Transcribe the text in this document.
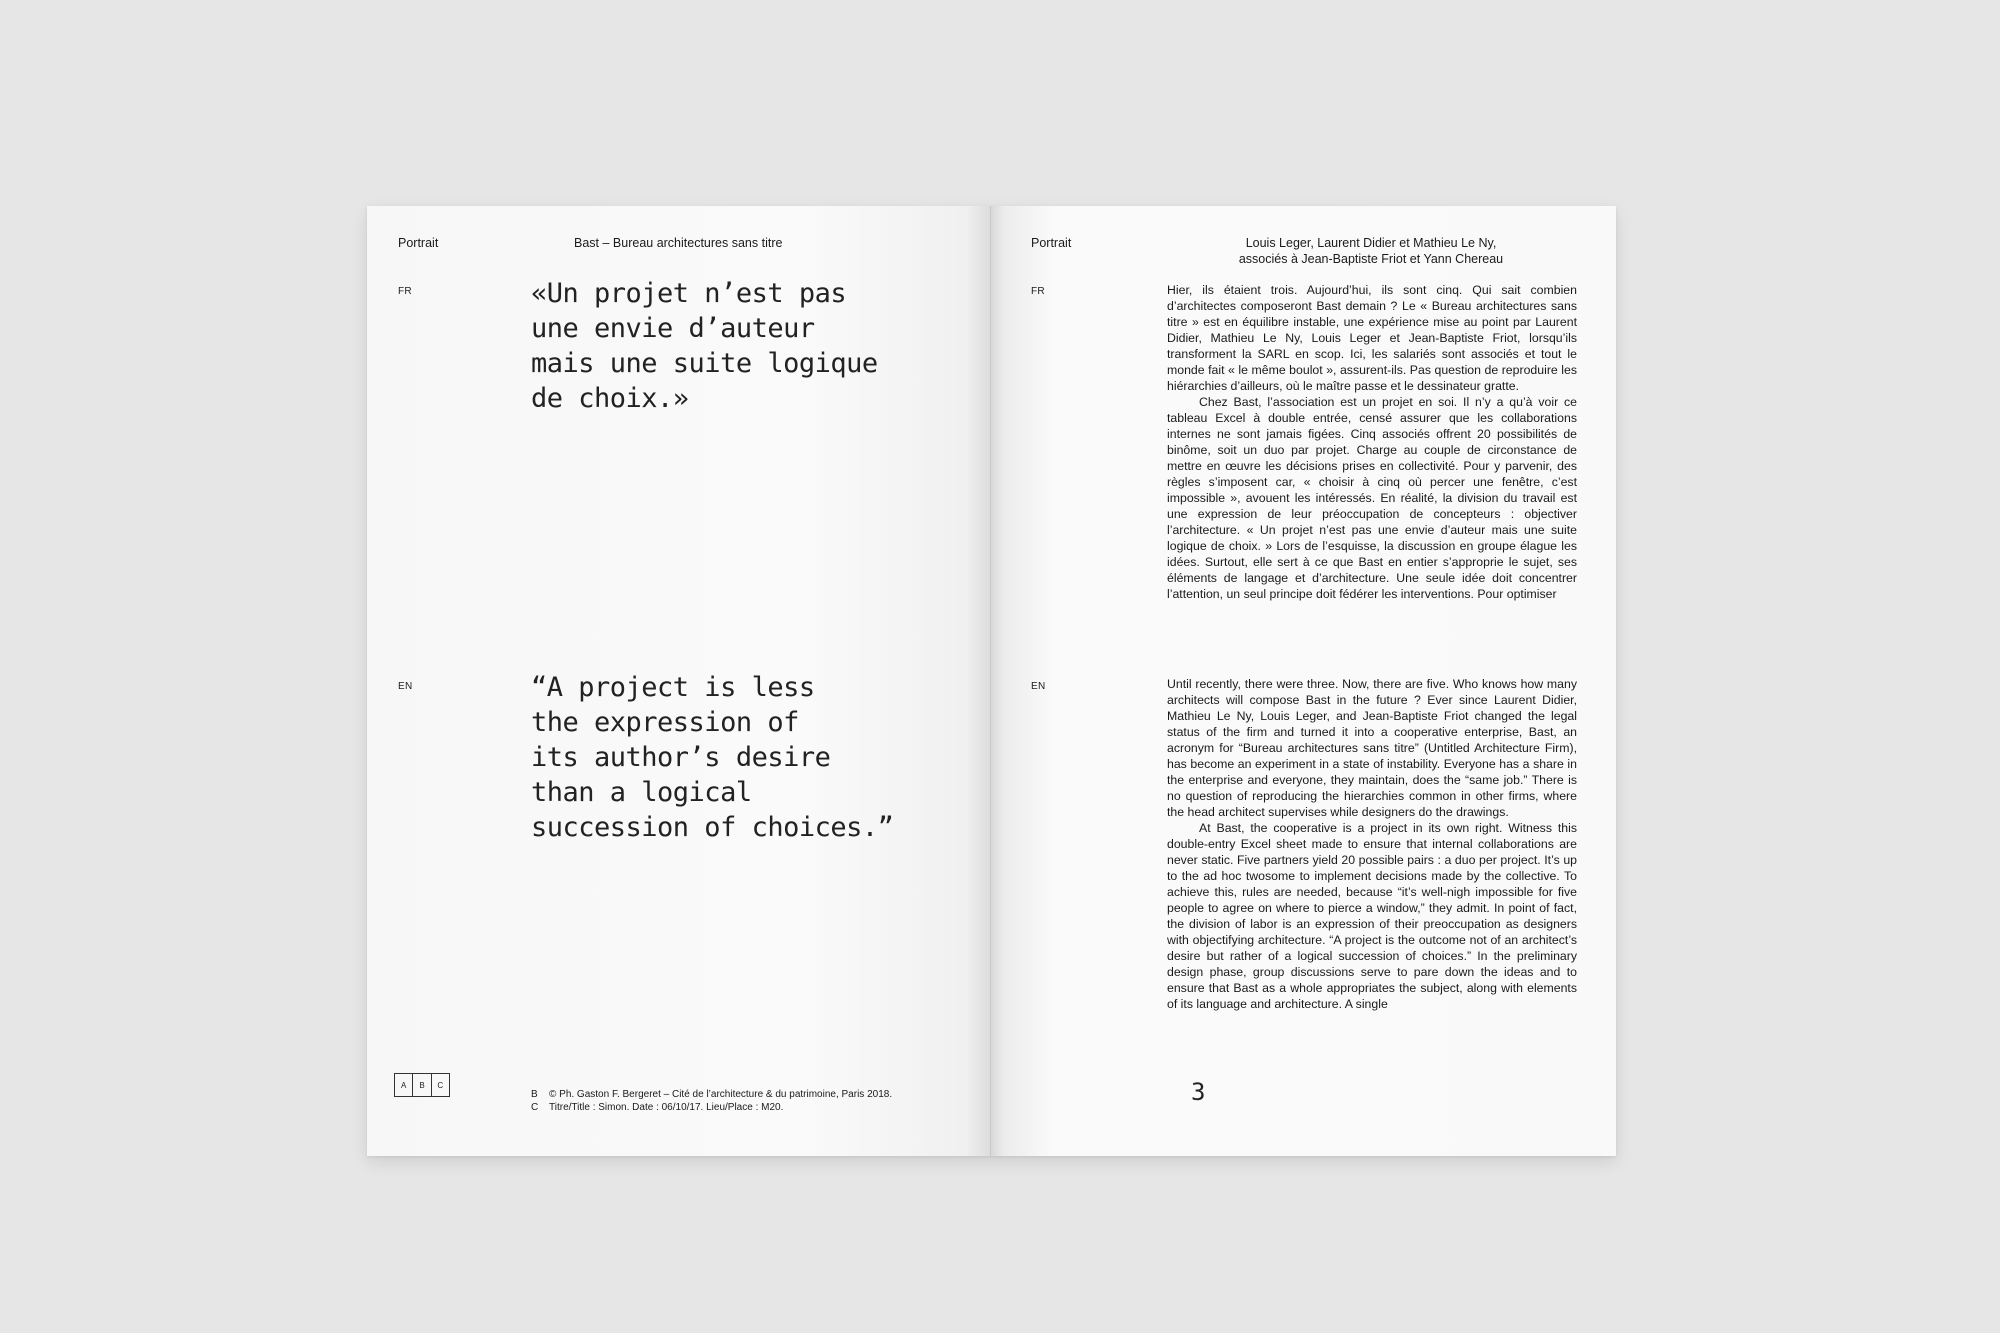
Portrait	Bast – Bureau architectures sans titre
FR	«Un projet n’est pas
une envie d’auteur
mais une suite logique
de choix.»
EN	“A project is less
the expression of
its author’s desire
than a logical
succession of choices.”
A	B	C
B	© Ph. Gaston F. Bergeret – Cité de l’architecture & du patrimoine, Paris 2018.
C	Titre/Title : Simon. Date : 06/10/17. Lieu/Place : M20.
Portrait	Louis Leger, Laurent Didier et Mathieu Le Ny,
associés à Jean-Baptiste Friot et Yann Chereau
FR	Hier, ils étaient trois. Aujourd’hui, ils sont cinq. Qui sait combien d’architectes composeront Bast demain ? Le « Bureau architectures sans titre » est en équilibre instable, une expérience mise au point par Laurent Didier, Mathieu Le Ny, Louis Leger et Jean-Baptiste Friot, lorsqu’ils transforment la SARL en scop. Ici, les salariés sont associés et tout le monde fait « le même boulot », assurent-ils. Pas question de reproduire les hiérarchies d’ailleurs, où le maître passe et le dessinateur gratte.

Chez Bast, l’association est un projet en soi. Il n’y a qu’à voir ce tableau Excel à double entrée, censé assurer que les collaborations internes ne sont jamais figées. Cinq associés offrent 20 possibilités de binôme, soit un duo par projet. Charge au couple de circonstance de mettre en œuvre les décisions prises en collectivité. Pour y parvenir, des règles s’imposent car, « choisir à cinq où percer une fenêtre, c’est impossible », avouent les intéressés. En réalité, la division du travail est une expression de leur préoccupation de concepteurs : objectiver l’architecture. « Un projet n’est pas une envie d’auteur mais une suite logique de choix. » Lors de l’esquisse, la discussion en groupe élague les idées. Surtout, elle sert à ce que Bast en entier s’approprie le sujet, ses éléments de langage et d’architecture. Une seule idée doit concentrer l’attention, un seul principe doit fédérer les interventions. Pour optimiser

EN	Until recently, there were three. Now, there are five. Who knows how many architects will compose Bast in the future ? Ever since Laurent Didier, Mathieu Le Ny, Louis Leger, and Jean-Baptiste Friot changed the legal status of the firm and turned it into a cooperative enterprise, Bast, an acronym for “Bureau architectures sans titre” (Untitled Architecture Firm), has become an experiment in a state of instability. Everyone has a share in the enterprise and everyone, they maintain, does the “same job.” There is no question of reproducing the hierarchies common in other firms, where the head architect supervises while designers do the drawings.

At Bast, the cooperative is a project in its own right. Witness this double-entry Excel sheet made to ensure that internal collaborations are never static. Five partners yield 20 possible pairs : a duo per project. It’s up to the ad hoc twosome to implement decisions made by the collective. To achieve this, rules are needed, because “it’s well-nigh impossible for five people to agree on where to pierce a window,” they admit. In point of fact, the division of labor is an expression of their preoccupation as designers with objectifying architecture. “A project is the outcome not of an architect’s desire but rather of a logical succession of choices.” In the preliminary design phase, group discussions serve to pare down the ideas and to ensure that Bast as a whole appropriates the subject, along with elements of its language and architecture. A single

3
